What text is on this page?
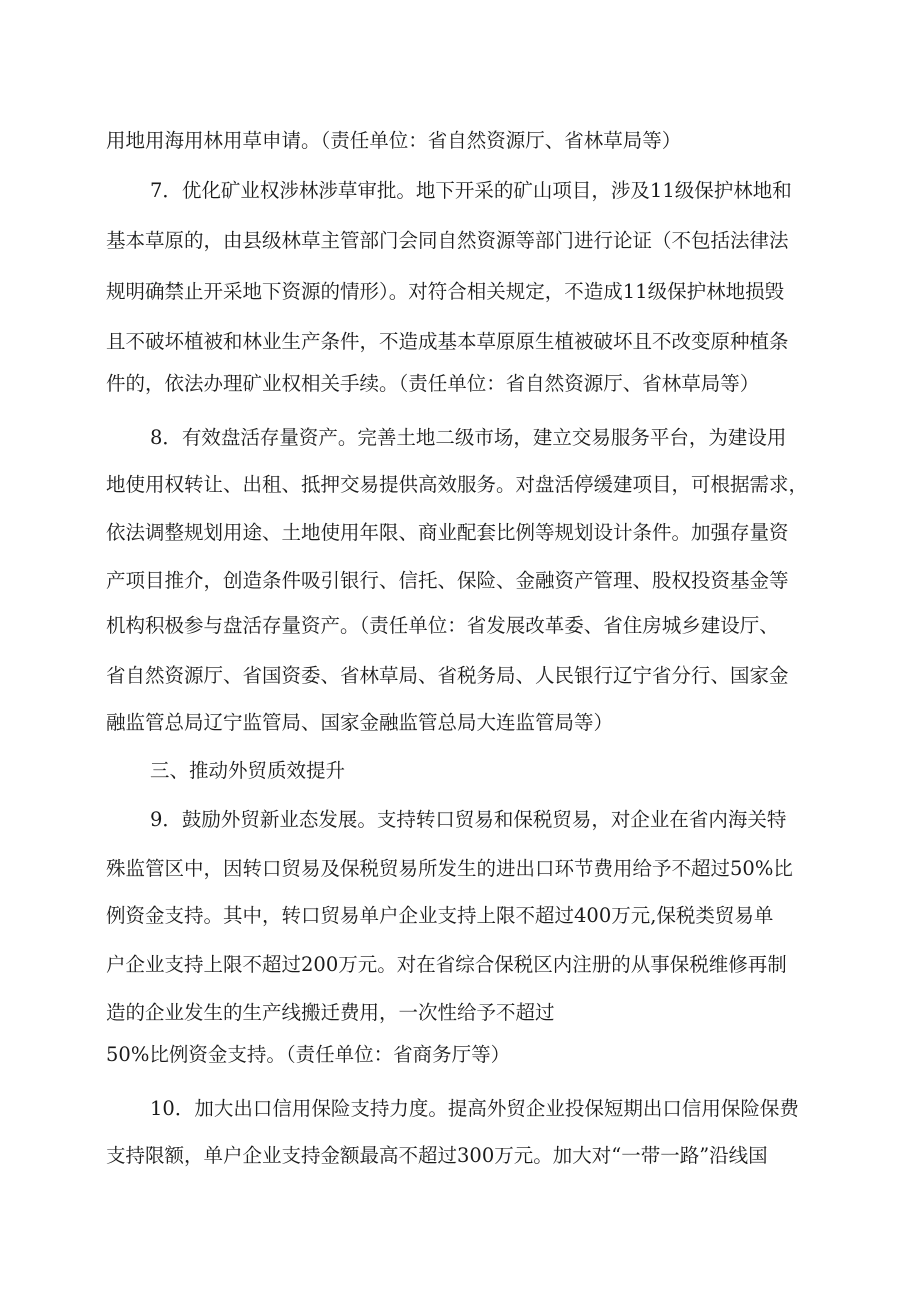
用地用海用林用草申请。（责任单位：省自然资源厅、省林草局等）
7．优化矿业权涉林涉草审批。地下开采的矿山项目，涉及11级保护林地和
基本草原的，由县级林草主管部门会同自然资源等部门进行论证（不包括法律法
规明确禁止开采地下资源的情形）。对符合相关规定，不造成11级保护林地损毁
且不破坏植被和林业生产条件，不造成基本草原原生植被破坏且不改变原种植条
件的，依法办理矿业权相关手续。（责任单位：省自然资源厅、省林草局等）
8．有效盘活存量资产。完善土地二级市场，建立交易服务平台，为建设用
地使用权转让、出租、抵押交易提供高效服务。对盘活停缓建项目，可根据需求，
依法调整规划用途、土地使用年限、商业配套比例等规划设计条件。加强存量资
产项目推介，创造条件吸引银行、信托、保险、金融资产管理、股权投资基金等
机构积极参与盘活存量资产。（责任单位：省发展改革委、省住房城乡建设厅、
省自然资源厅、省国资委、省林草局、省税务局、人民银行辽宁省分行、国家金
融监管总局辽宁监管局、国家金融监管总局大连监管局等）
三、推动外贸质效提升
9．鼓励外贸新业态发展。支持转口贸易和保税贸易，对企业在省内海关特
殊监管区中，因转口贸易及保税贸易所发生的进出口环节费用给予不超过50%比
例资金支持。其中，转口贸易单户企业支持上限不超过400万元,保税类贸易单
户企业支持上限不超过200万元。对在省综合保税区内注册的从事保税维修再制
造的企业发生的生产线搬迁费用，一次性给予不超过
50%比例资金支持。（责任单位：省商务厅等）
10．加大出口信用保险支持力度。提高外贸企业投保短期出口信用保险保费
支持限额，单户企业支持金额最高不超过300万元。加大对“一带一路”沿线国
